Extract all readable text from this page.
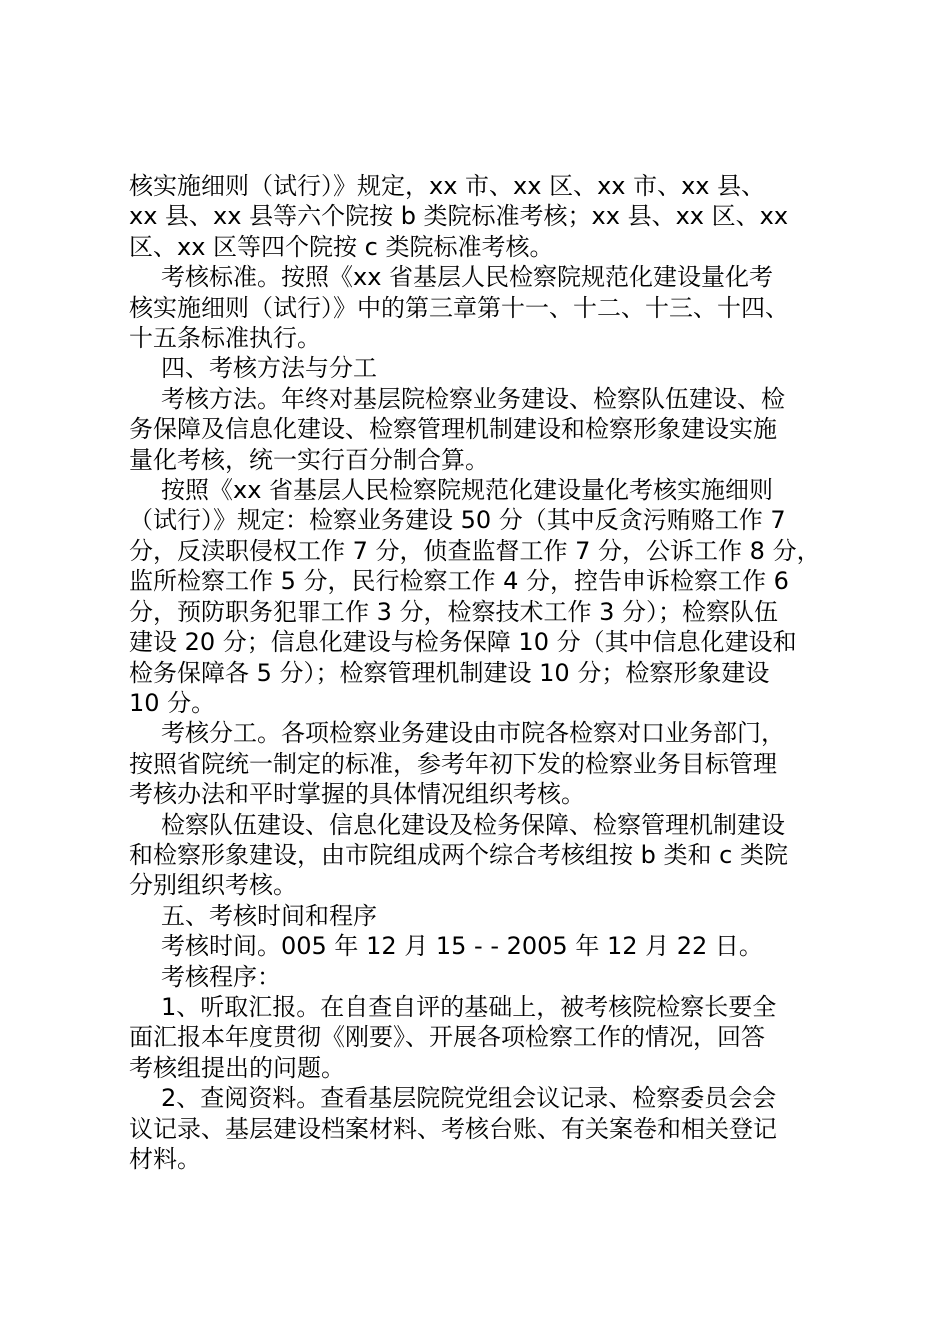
核实施细则（试行）》规定，xx 市、xx 区、xx 市、xx 县、
xx 县、xx 县等六个院按 b 类院标准考核；xx 县、xx 区、xx
区、xx 区等四个院按 c 类院标准考核。

考核标准。按照《xx 省基层人民检察院规范化建设量化考
核实施细则（试行）》中的第三章第十一、十二、十三、十四、
十五条标准执行。

四、考核方法与分工

考核方法。年终对基层院检察业务建设、检察队伍建设、检
务保障及信息化建设、检察管理机制建设和检察形象建设实施
量化考核，统一实行百分制合算。

按照《xx 省基层人民检察院规范化建设量化考核实施细则
（试行）》规定：检察业务建设 50 分（其中反贪污贿赂工作 7
分，反渎职侵权工作 7 分，侦查监督工作 7 分，公诉工作 8 分，
监所检察工作 5 分，民行检察工作 4 分，控告申诉检察工作 6
分，预防职务犯罪工作 3 分，检察技术工作 3 分）；检察队伍
建设 20 分；信息化建设与检务保障 10 分（其中信息化建设和
检务保障各 5 分）；检察管理机制建设 10 分；检察形象建设
10 分。

考核分工。各项检察业务建设由市院各检察对口业务部门，
按照省院统一制定的标准，参考年初下发的检察业务目标管理
考核办法和平时掌握的具体情况组织考核。

检察队伍建设、信息化建设及检务保障、检察管理机制建设
和检察形象建设，由市院组成两个综合考核组按 b 类和 c 类院
分别组织考核。

五、考核时间和程序

考核时间。005 年 12 月 15 - - 2005 年 12 月 22 日。

考核程序：

1、听取汇报。在自查自评的基础上，被考核院检察长要全
面汇报本年度贯彻《刚要》、开展各项检察工作的情况，回答
考核组提出的问题。

2、查阅资料。查看基层院院党组会议记录、检察委员会会
议记录、基层建设档案材料、考核台账、有关案卷和相关登记
材料。
